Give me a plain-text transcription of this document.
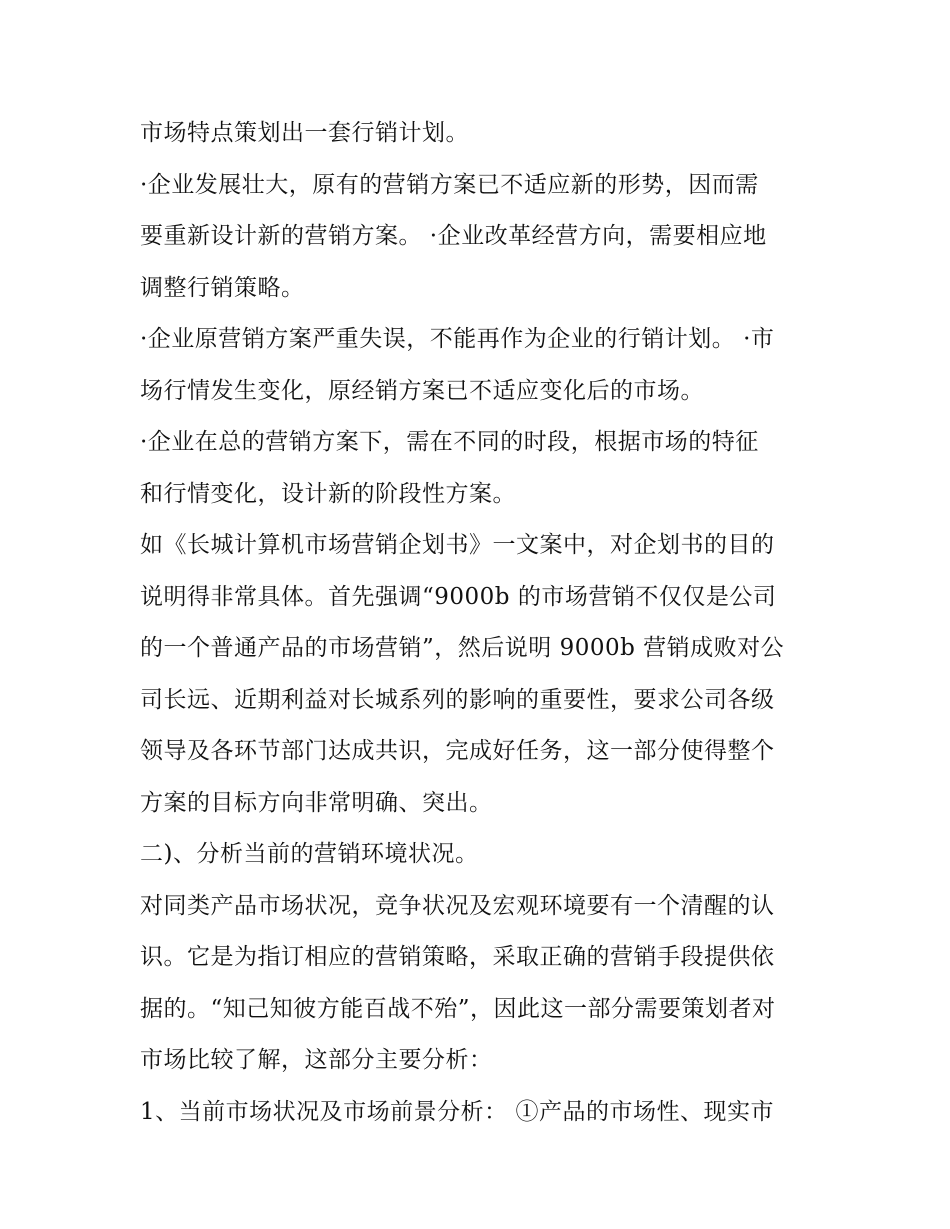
市场特点策划出一套行销计划。
·企业发展壮大，原有的营销方案已不适应新的形势，因而需
要重新设计新的营销方案。 ·企业改革经营方向，需要相应地
调整行销策略。
·企业原营销方案严重失误，不能再作为企业的行销计划。 ·市
场行情发生变化，原经销方案已不适应变化后的市场。
·企业在总的营销方案下，需在不同的时段，根据市场的特征
和行情变化，设计新的阶段性方案。
如《长城计算机市场营销企划书》一文案中，对企划书的目的
说明得非常具体。首先强调“9000b 的市场营销不仅仅是公司
的一个普通产品的市场营销”，然后说明 9000b 营销成败对公
司长远、近期利益对长城系列的影响的重要性，要求公司各级
领导及各环节部门达成共识，完成好任务，这一部分使得整个
方案的目标方向非常明确、突出。
二)、分析当前的营销环境状况。
对同类产品市场状况，竞争状况及宏观环境要有一个清醒的认
识。它是为指订相应的营销策略，采取正确的营销手段提供依
据的。“知己知彼方能百战不殆”，因此这一部分需要策划者对
市场比较了解，这部分主要分析：
1、当前市场状况及市场前景分析： ①产品的市场性、现实市
